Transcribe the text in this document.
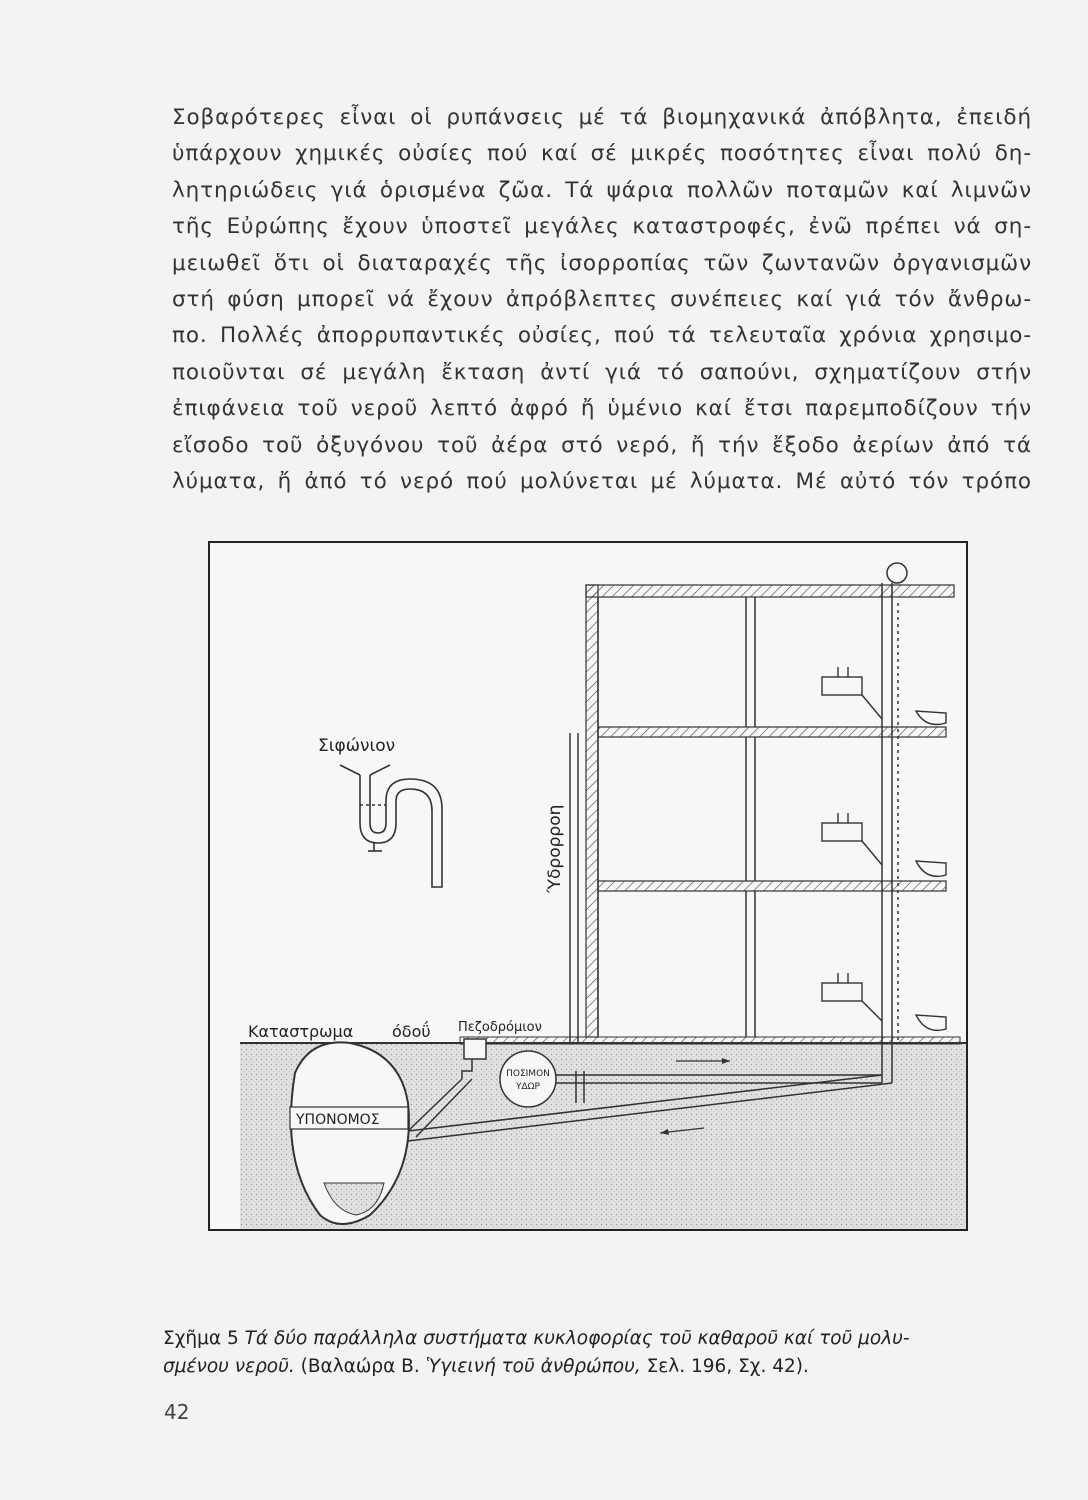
Σοβαρότερες εἶναι οἱ ρυπάνσεις μέ τά βιομηχανικά ἀπόβλητα, ἐπειδή
ὑπάρχουν χημικές οὐσίες πού καί σέ μικρές ποσότητες εἶναι πολύ δη-
λητηριώδεις γιά ὁρισμένα ζῶα. Τά ψάρια πολλῶν ποταμῶν καί λιμνῶν
τῆς Εὐρώπης ἔχουν ὑποστεῖ μεγάλες καταστροφές, ἐνῶ πρέπει νά ση-
μειωθεῖ ὅτι οἱ διαταραχές τῆς ἰσορροπίας τῶν ζωντανῶν ὀργανισμῶν
στή φύση μπορεῖ νά ἔχουν ἀπρόβλεπτες συνέπειες καί γιά τόν ἄνθρω-
πο. Πολλές ἀπορρυπαντικές οὐσίες, πού τά τελευταῖα χρόνια χρησιμο-
ποιοῦνται σέ μεγάλη ἔκταση ἀντί γιά τό σαπούνι, σχηματίζουν στήν
ἐπιφάνεια τοῦ νεροῦ λεπτό ἀφρό ἤ ὑμένιο καί ἔτσι παρεμποδίζουν τήν
εἴσοδο τοῦ ὀξυγόνου τοῦ ἀέρα στό νερό, ἤ τήν ἔξοδο ἀερίων ἀπό τά
λύματα, ἤ ἀπό τό νερό πού μολύνεται μέ λύματα. Μέ αὐτό τόν τρόπο
Σιφώνιον
Ύδρορροη
Καταστρωμα όδοΰ Πεζοδρόμιον
ΥΠΟΝΟΜΟΣ
ΠΟΣΙΜΟΝ
ΥΔΩΡ
Σχῆμα 5 Τά δύο παράλληλα συστήματα κυκλοφορίας τοῦ καθαροῦ καί τοῦ μολυ-
σμένου νεροῦ. (Βαλαώρα Β. Ὑγιεινή τοῦ ἀνθρώπου, Σελ. 196, Σχ. 42).
42
